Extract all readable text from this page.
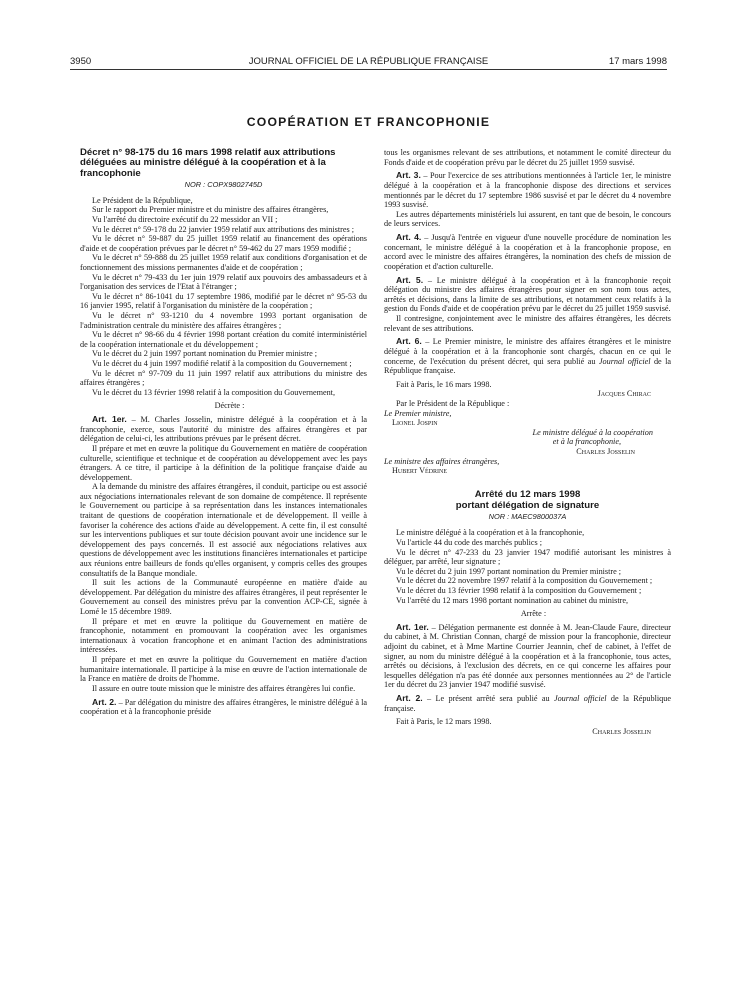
3950	JOURNAL OFFICIEL DE LA RÉPUBLIQUE FRANÇAISE	17 mars 1998
COOPÉRATION ET FRANCOPHONIE
Décret n° 98-175 du 16 mars 1998 relatif aux attributions déléguées au ministre délégué à la coopération et à la francophonie
NOR : COPX9802745D

Le Président de la République,

Sur le rapport du Premier ministre et du ministre des affaires étrangères,

Vu l'arrêté du directoire exécutif du 22 messidor an VII ;

Vu le décret n° 59-178 du 22 janvier 1959 relatif aux attributions des ministres ;

Vu le décret n° 59-887 du 25 juillet 1959 relatif au financement des opérations d'aide et de coopération prévues par le décret n° 59-462 du 27 mars 1959 modifié ;

Vu le décret n° 59-888 du 25 juillet 1959 relatif aux conditions d'organisation et de fonctionnement des missions permanentes d'aide et de coopération ;

Vu le décret n° 79-433 du 1er juin 1979 relatif aux pouvoirs des ambassadeurs et à l'organisation des services de l'Etat à l'étranger ;

Vu le décret n° 86-1041 du 17 septembre 1986, modifié par le décret n° 95-53 du 16 janvier 1995, relatif à l'organisation du ministère de la coopération ;

Vu le décret n° 93-1210 du 4 novembre 1993 portant organisation de l'administration centrale du ministère des affaires étrangères ;

Vu le décret n° 98-66 du 4 février 1998 portant création du comité interministériel de la coopération internationale et du développement ;

Vu le décret du 2 juin 1997 portant nomination du Premier ministre ;

Vu le décret du 4 juin 1997 modifié relatif à la composition du Gouvernement ;

Vu le décret n° 97-709 du 11 juin 1997 relatif aux attributions du ministre des affaires étrangères ;

Vu le décret du 13 février 1998 relatif à la composition du Gouvernement,

Décrète :

Art. 1er. – M. Charles Josselin, ministre délégué à la coopération et à la francophonie, exerce, sous l'autorité du ministre des affaires étrangères et par délégation de celui-ci, les attributions prévues par le présent décret.

Il prépare et met en œuvre la politique du Gouvernement en matière de coopération culturelle, scientifique et technique et de coopération au développement avec les pays étrangers. A ce titre, il participe à la définition de la politique française d'aide au développement.

A la demande du ministre des affaires étrangères, il conduit, participe ou est associé aux négociations internationales relevant de son domaine de compétence. Il représente le Gouvernement ou participe à sa représentation dans les instances internationales traitant de questions de coopération internationale et de développement. Il veille à favoriser la cohérence des actions d'aide au développement. A cette fin, il est consulté sur les interventions publiques et sur toute décision pouvant avoir une incidence sur le développement des pays concernés. Il est associé aux négociations relatives aux questions de développement avec les institutions financières internationales et participe aux réunions entre bailleurs de fonds qu'elles organisent, y compris celles des groupes consultatifs de la Banque mondiale.

Il suit les actions de la Communauté européenne en matière d'aide au développement. Par délégation du ministre des affaires étrangères, il peut représenter le Gouvernement au conseil des ministres prévu par la convention ACP-CE, signée à Lomé le 15 décembre 1989.

Il prépare et met en œuvre la politique du Gouvernement en matière de francophonie, notamment en promouvant la coopération avec les organismes internationaux à vocation francophone et en animant l'action des administrations intéressées.

Il prépare et met en œuvre la politique du Gouvernement en matière d'action humanitaire internationale. Il participe à la mise en œuvre de l'action internationale de la France en matière de droits de l'homme.

Il assure en outre toute mission que le ministre des affaires étrangères lui confie.

Art. 2. – Par délégation du ministre des affaires étrangères, le ministre délégué à la coopération et à la francophonie préside

tous les organismes relevant de ses attributions, et notamment le comité directeur du Fonds d'aide et de coopération prévu par le décret du 25 juillet 1959 susvisé.

Art. 3. – Pour l'exercice de ses attributions mentionnées à l'article 1er, le ministre délégué à la coopération et à la francophonie dispose des directions et services mentionnés par le décret du 17 septembre 1986 susvisé et par le décret du 4 novembre 1993 susvisé.

Les autres départements ministériels lui assurent, en tant que de besoin, le concours de leurs services.

Art. 4. – Jusqu'à l'entrée en vigueur d'une nouvelle procédure de nomination les concernant, le ministre délégué à la coopération et à la francophonie propose, en accord avec le ministre des affaires étrangères, la nomination des chefs de mission de coopération et d'action culturelle.

Art. 5. – Le ministre délégué à la coopération et à la francophonie reçoit délégation du ministre des affaires étrangères pour signer en son nom tous actes, arrêtés et décisions, dans la limite de ses attributions, et notamment ceux relatifs à la gestion du Fonds d'aide et de coopération prévu par le décret du 25 juillet 1959 susvisé.

Il contresigne, conjointement avec le ministre des affaires étrangères, les décrets relevant de ses attributions.

Art. 6. – Le Premier ministre, le ministre des affaires étrangères et le ministre délégué à la coopération et à la francophonie sont chargés, chacun en ce qui le concerne, de l'exécution du présent décret, qui sera publié au Journal officiel de la République française.

Fait à Paris, le 16 mars 1998.

Jacques Chirac

Par le Président de la République :

Le Premier ministre,

Lionel Jospin

Le ministre délégué à la coopération

et à la francophonie,

Charles Josselin

Le ministre des affaires étrangères,

Hubert Védrine

Arrêté du 12 mars 1998
portant délégation de signature
NOR : MAEC9800037A

Le ministre délégué à la coopération et à la francophonie,

Vu l'article 44 du code des marchés publics ;

Vu le décret n° 47-233 du 23 janvier 1947 modifié autorisant les ministres à déléguer, par arrêté, leur signature ;

Vu le décret du 2 juin 1997 portant nomination du Premier ministre ;

Vu le décret du 22 novembre 1997 relatif à la composition du Gouvernement ;

Vu le décret du 13 février 1998 relatif à la composition du Gouvernement ;

Vu l'arrêté du 12 mars 1998 portant nomination au cabinet du ministre,

Arrête :

Art. 1er. – Délégation permanente est donnée à M. Jean-Claude Faure, directeur du cabinet, à M. Christian Connan, chargé de mission pour la francophonie, directeur adjoint du cabinet, et à Mme Martine Courrier Jeannin, chef de cabinet, à l'effet de signer, au nom du ministre délégué à la coopération et à la francophonie, tous actes, arrêtés ou décisions, à l'exclusion des décrets, en ce qui concerne les affaires pour lesquelles délégation n'a pas été donnée aux personnes mentionnées au 2° de l'article 1er du décret du 23 janvier 1947 modifié susvisé.

Art. 2. – Le présent arrêté sera publié au Journal officiel de la République française.

Fait à Paris, le 12 mars 1998.

Charles Josselin
